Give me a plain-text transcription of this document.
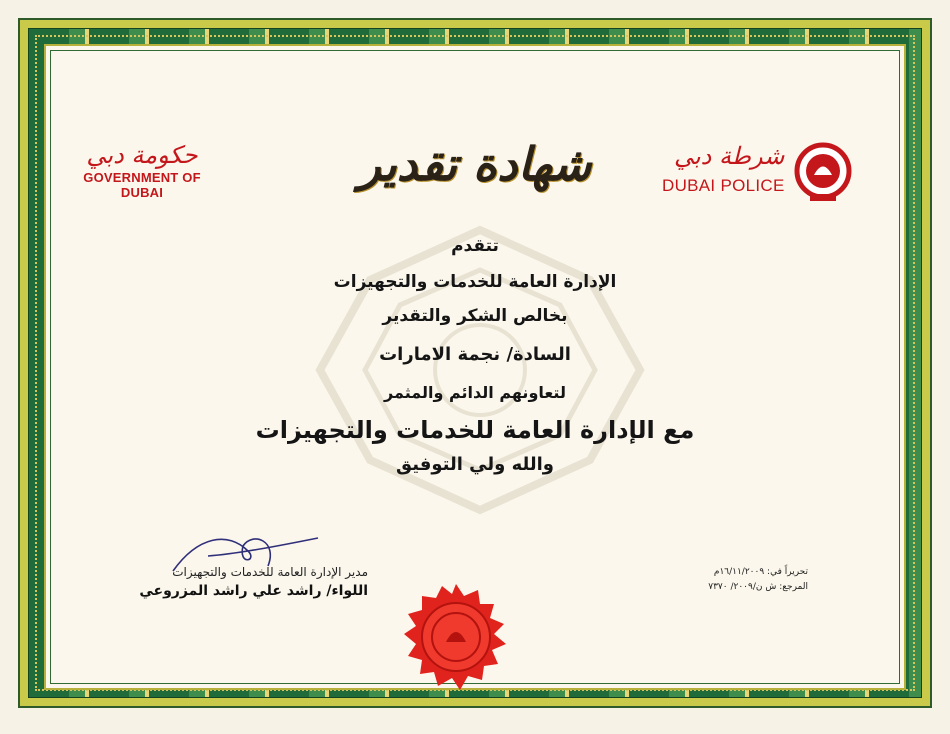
حكومة دبي
GOVERNMENT OF DUBAI
شهادة تقدير	شرطة دبي
DUBAI POLICE
تتقدم
الإدارة العامة للخدمات والتجهيزات
بخالص الشكر والتقدير
السادة/ نجمة الامارات
لتعاونهم الدائم والمثمر
مع الإدارة العامة للخدمات والتجهيزات
والله ولي التوفيق
مدير الإدارة العامة للخدمات والتجهيزات
اللواء/ راشد علي راشد المزروعي
تحريراً في: ١٦/١١/٢٠٠٩م
المرجع: ش ن/٢٠٠٩/ ٧٣٧٠
